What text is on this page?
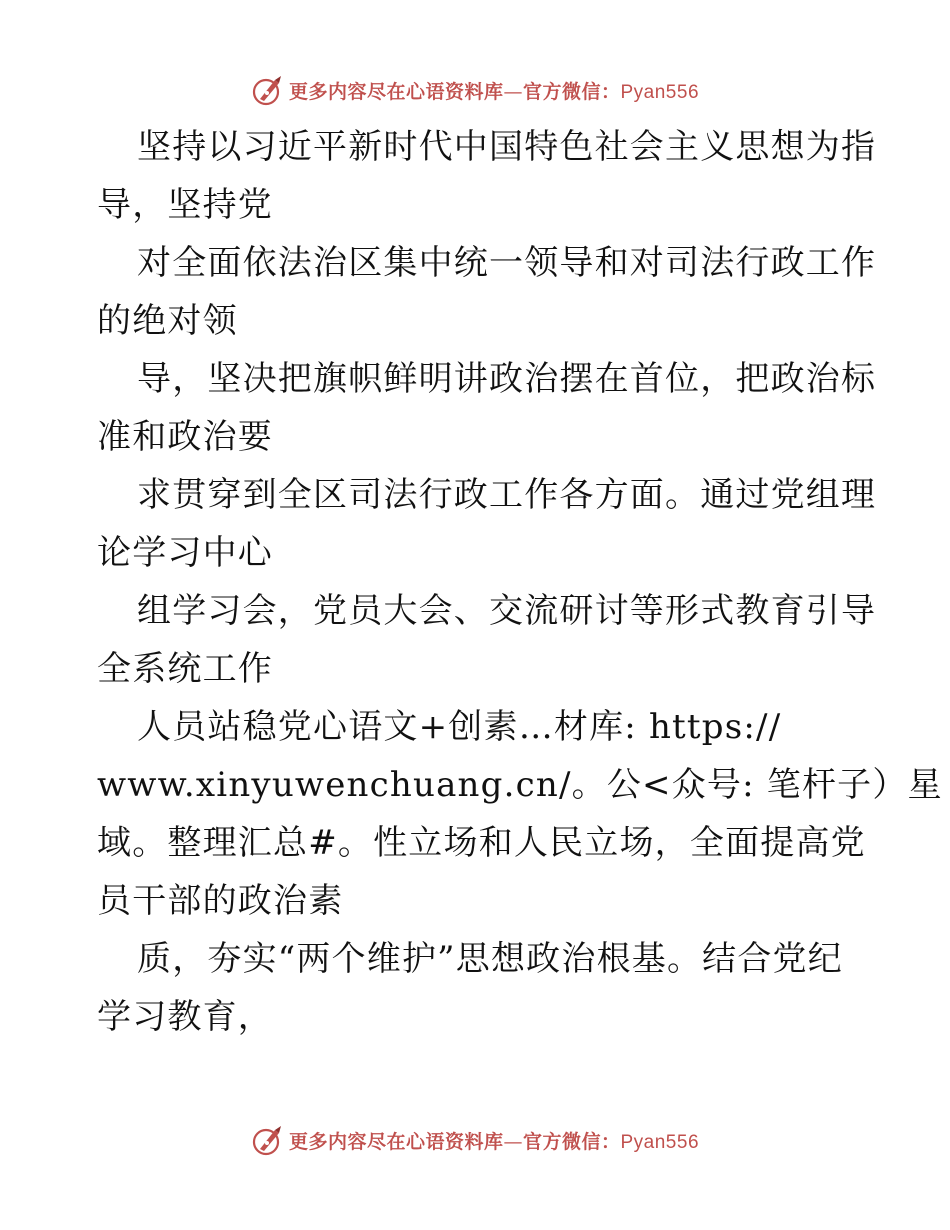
更多内容尽在心语资料库—官方微信：Pyan556
坚持以习近平新时代中国特色社会主义思想为指
导，坚持党
对全面依法治区集中统一领导和对司法行政工作
的绝对领
导，坚决把旗帜鲜明讲政治摆在首位，把政治标
准和政治要
求贯穿到全区司法行政工作各方面。通过党组理
论学习中心
组学习会，党员大会、交流研讨等形式教育引导
全系统工作
人员站稳党心语文+创素…材库: https://
www.xinyuwenchuang.cn/。公<众号: 笔杆子）星
域。整理汇总#。性立场和人民立场，全面提高党
员干部的政治素
质，夯实“两个维护”思想政治根基。结合党纪
学习教育，
更多内容尽在心语资料库—官方微信：Pyan556
